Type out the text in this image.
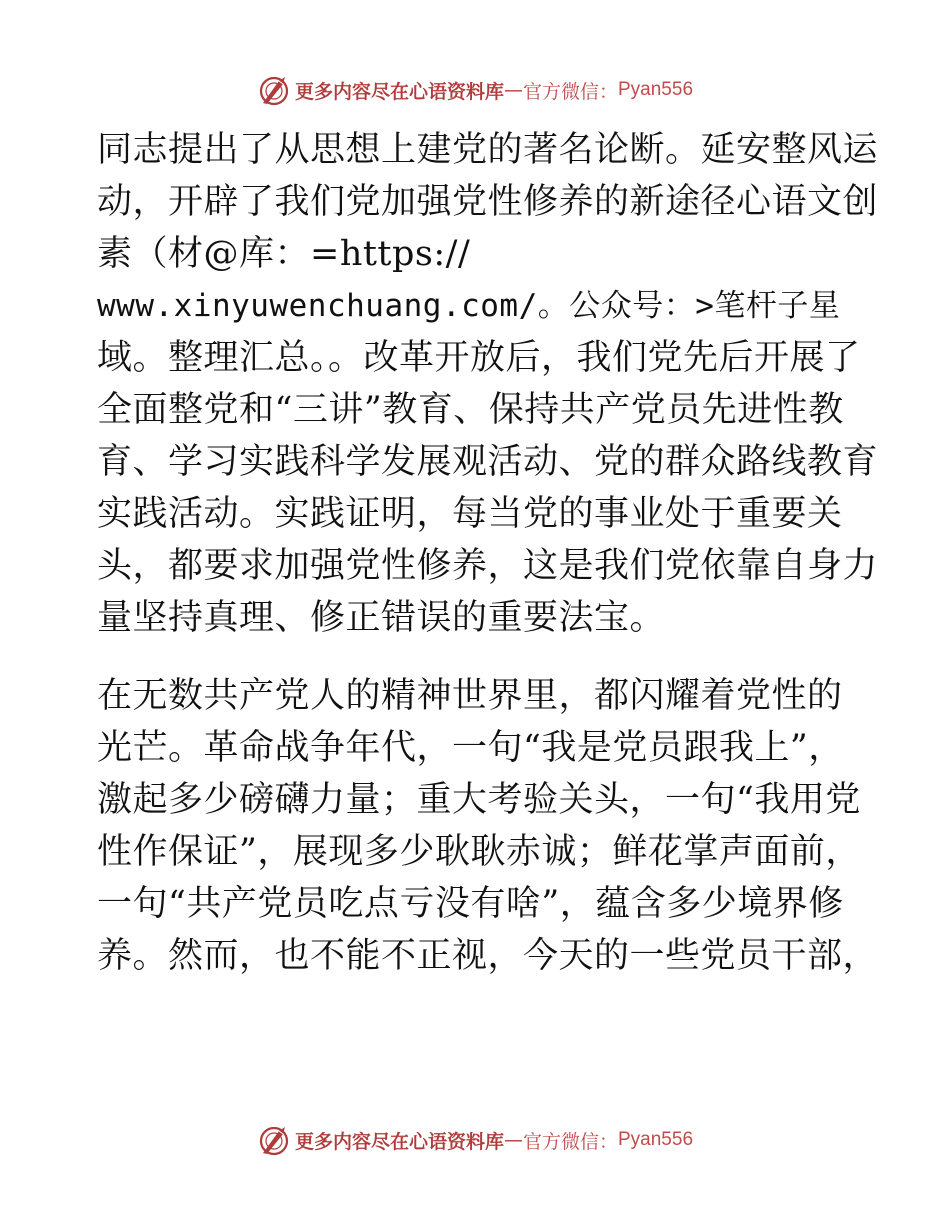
更多内容尽在心语资料库 — 官方微信： Pyan556
同志提出了从思想上建党的著名论断。延安整风运
动，开辟了我们党加强党性修养的新途径心语文创
素（材@库：=https://
www.xinyuwenchuang.com/。公众号：>笔杆子星
域。整理汇总。。改革开放后，我们党先后开展了
全面整党和“三讲”教育、保持共产党员先进性教
育、学习实践科学发展观活动、党的群众路线教育
实践活动。实践证明，每当党的事业处于重要关
头，都要求加强党性修养，这是我们党依靠自身力
量坚持真理、修正错误的重要法宝。
在无数共产党人的精神世界里，都闪耀着党性的
光芒。革命战争年代，一句“我是党员跟我上”，
激起多少磅礴力量；重大考验关头，一句“我用党
性作保证”，展现多少耿耿赤诚；鲜花掌声面前，
一句“共产党员吃点亏没有啥”，蕴含多少境界修
养。然而，也不能不正视，今天的一些党员干部，
更多内容尽在心语资料库 — 官方微信： Pyan556
